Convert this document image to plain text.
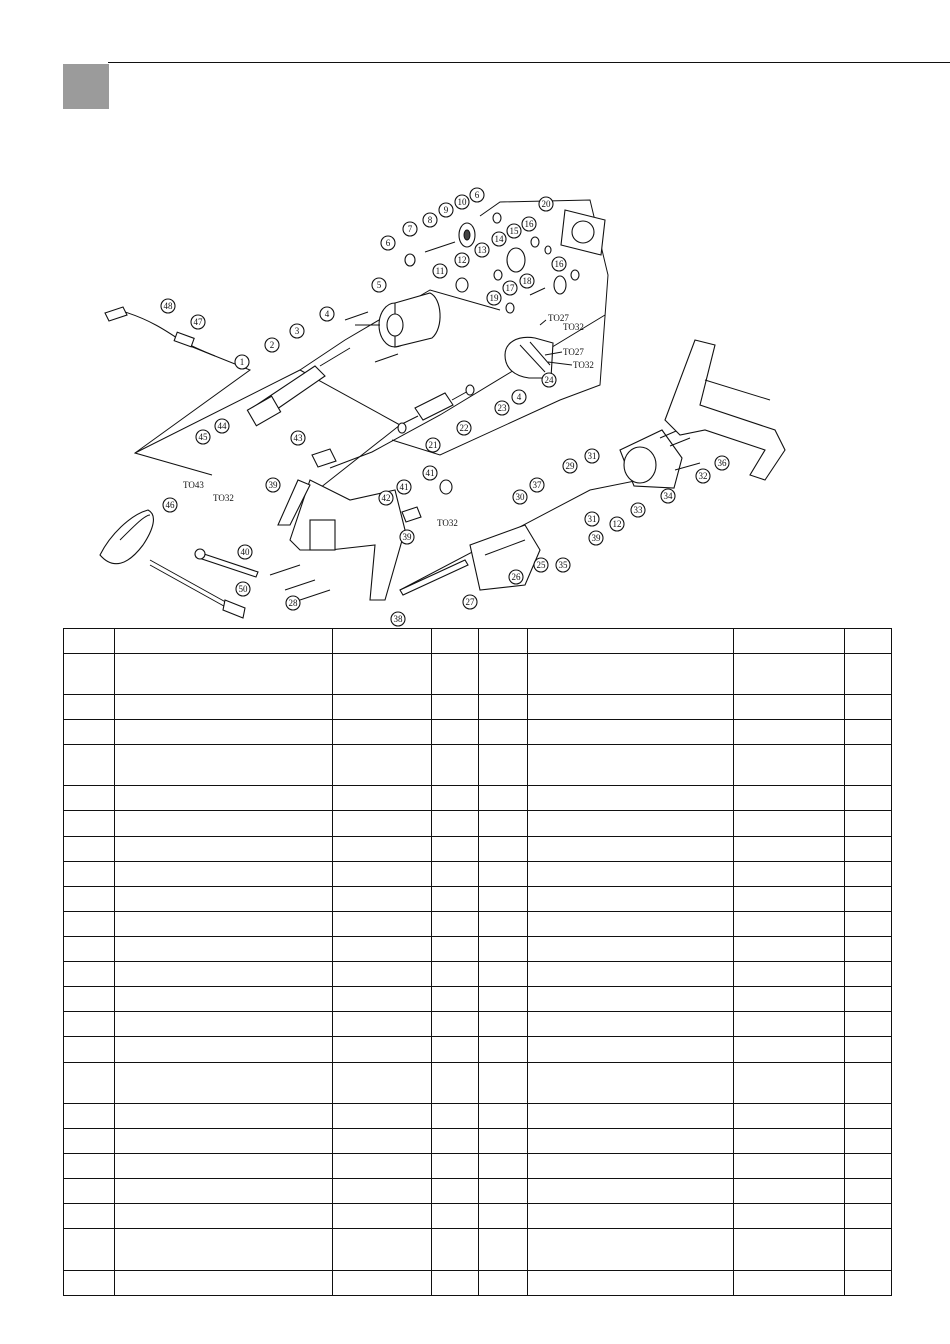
1
2
3
4
4
5
6
6
7
8
9
10
11
12
12
13
14
15
16
16
17
18
19
20
21
22
23
24
25
26
27
28
29
30
31
31
32
33
34
35
36
37
38
39
39	39
40
41
41
42
43
44
45
46
47
48
50
TO27
TO32
TO27
TO32
TO32
TO43
TO32
